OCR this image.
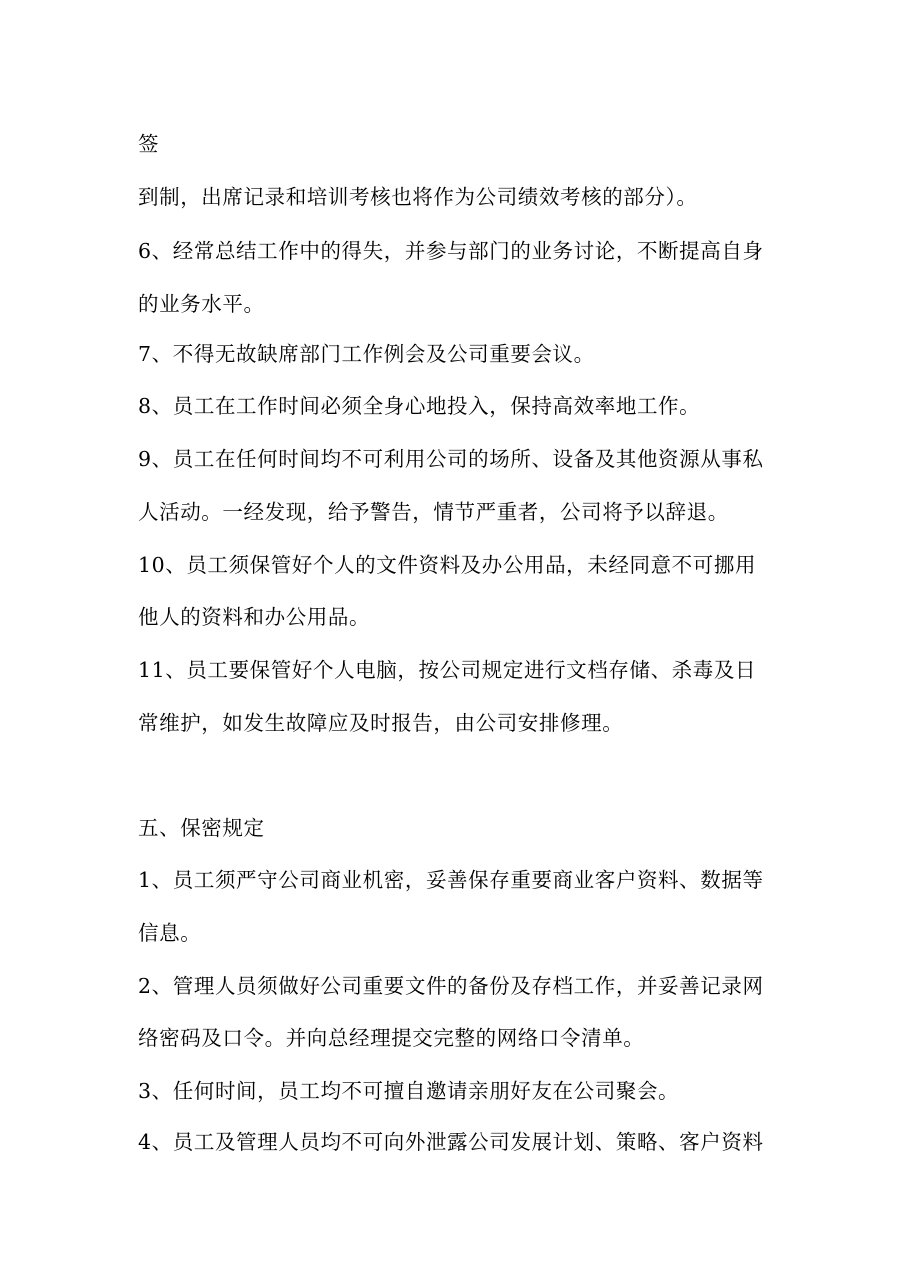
签
到制，出席记录和培训考核也将作为公司绩效考核的部分）。
6、经常总结工作中的得失，并参与部门的业务讨论，不断提高自身
的业务水平。
7、不得无故缺席部门工作例会及公司重要会议。
8、员工在工作时间必须全身心地投入，保持高效率地工作。
9、员工在任何时间均不可利用公司的场所、设备及其他资源从事私
人活动。一经发现，给予警告，情节严重者，公司将予以辞退。
10、员工须保管好个人的文件资料及办公用品，未经同意不可挪用
他人的资料和办公用品。
11、员工要保管好个人电脑，按公司规定进行文档存储、杀毒及日
常维护，如发生故障应及时报告，由公司安排修理。
五、保密规定
1、员工须严守公司商业机密，妥善保存重要商业客户资料、数据等
信息。
2、管理人员须做好公司重要文件的备份及存档工作，并妥善记录网
络密码及口令。并向总经理提交完整的网络口令清单。
3、任何时间，员工均不可擅自邀请亲朋好友在公司聚会。
4、员工及管理人员均不可向外泄露公司发展计划、策略、客户资料
